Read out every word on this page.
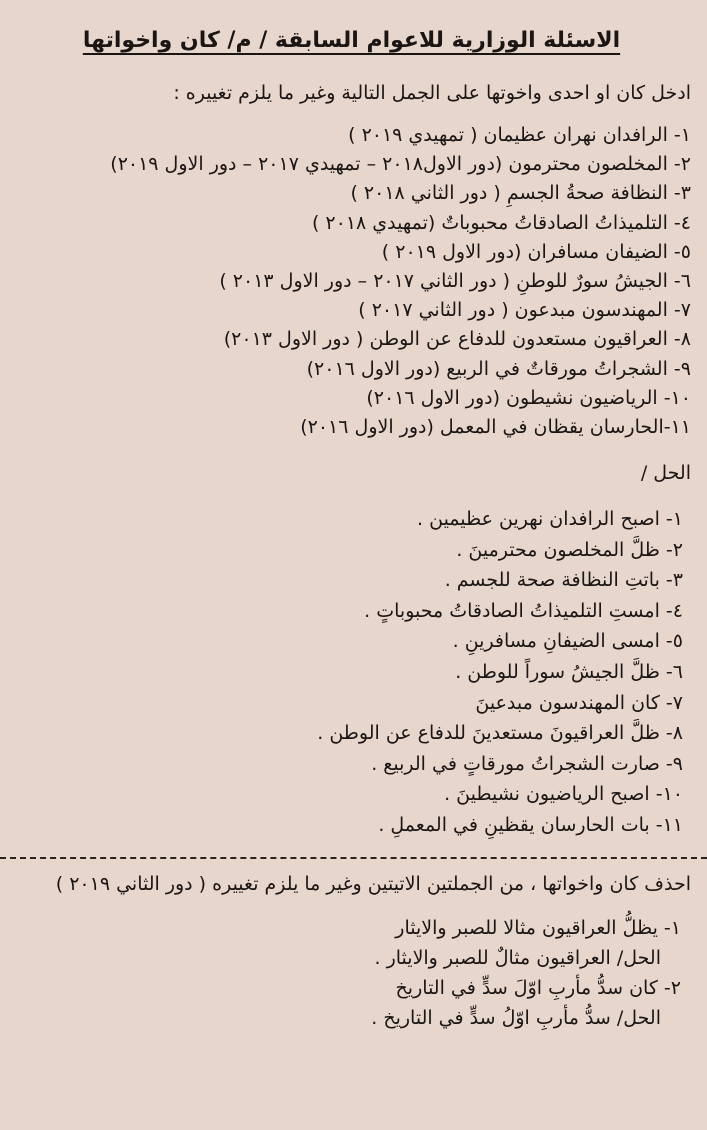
الاسئلة الوزارية للاعوام السابقة / م/ كان واخواتها
ادخل كان او احدى واخوتها على الجمل التالية وغير ما يلزم تغييره :
١- الرافدان نهران عظيمان ( تمهيدي ٢٠١٩ )
٢- المخلصون محترمون (دور الاول٢٠١٨ – تمهيدي ٢٠١٧ – دور الاول ٢٠١٩)
٣- النظافة صحةُ الجسمِ ( دور الثاني ٢٠١٨ )
٤- التلميذاتُ الصادقاتُ محبوباتٌ (تمهيدي ٢٠١٨ )
٥- الضيفان مسافران (دور الاول ٢٠١٩ )
٦- الجيشُ سورٌ للوطنِ ( دور الثاني ٢٠١٧ – دور الاول ٢٠١٣ )
٧- المهندسون مبدعون ( دور الثاني ٢٠١٧ )
٨- العراقيون مستعدون للدفاع عن الوطن ( دور الاول ٢٠١٣)
٩- الشجراتُ مورقاتٌ في الربيع (دور الاول ٢٠١٦)
١٠- الرياضيون نشيطون (دور الاول ٢٠١٦)
١١-الحارسان يقظان في المعمل (دور الاول ٢٠١٦)
الحل /
١- اصبح الرافدان نهرين عظيمين .
٢- ظلَّ المخلصون محترمينَ .
٣- باتتِ النظافة صحة للجسم .
٤- امستِ التلميذاتُ الصادقاتُ محبوباتٍ .
٥- امسى الضيفانِ مسافرينِ .
٦- ظلَّ الجيشُ سوراً للوطن .
٧- كان المهندسون مبدعينَ
٨- ظلَّ العراقيونَ مستعدينَ للدفاع عن الوطن .
٩- صارت الشجراتُ مورقاتٍ في الربيع .
١٠- اصبح الرياضيون نشيطينَ .
١١- بات الحارسان يقظينِ في المعملِ .
احذف كان واخواتها ، من الجملتين الاتيتين وغير ما يلزم تغييره ( دور الثاني ٢٠١٩ )
١- يظلُّ العراقيون مثالا للصبر والايثار
الحل/ العراقيون مثالٌ للصبر والايثار .
٢- كان سدُّ مأربِ اوّلَ سدٍّ في التاريخ
الحل/ سدُّ مأربِ اوّلُ سدٍّ في التاريخ .
